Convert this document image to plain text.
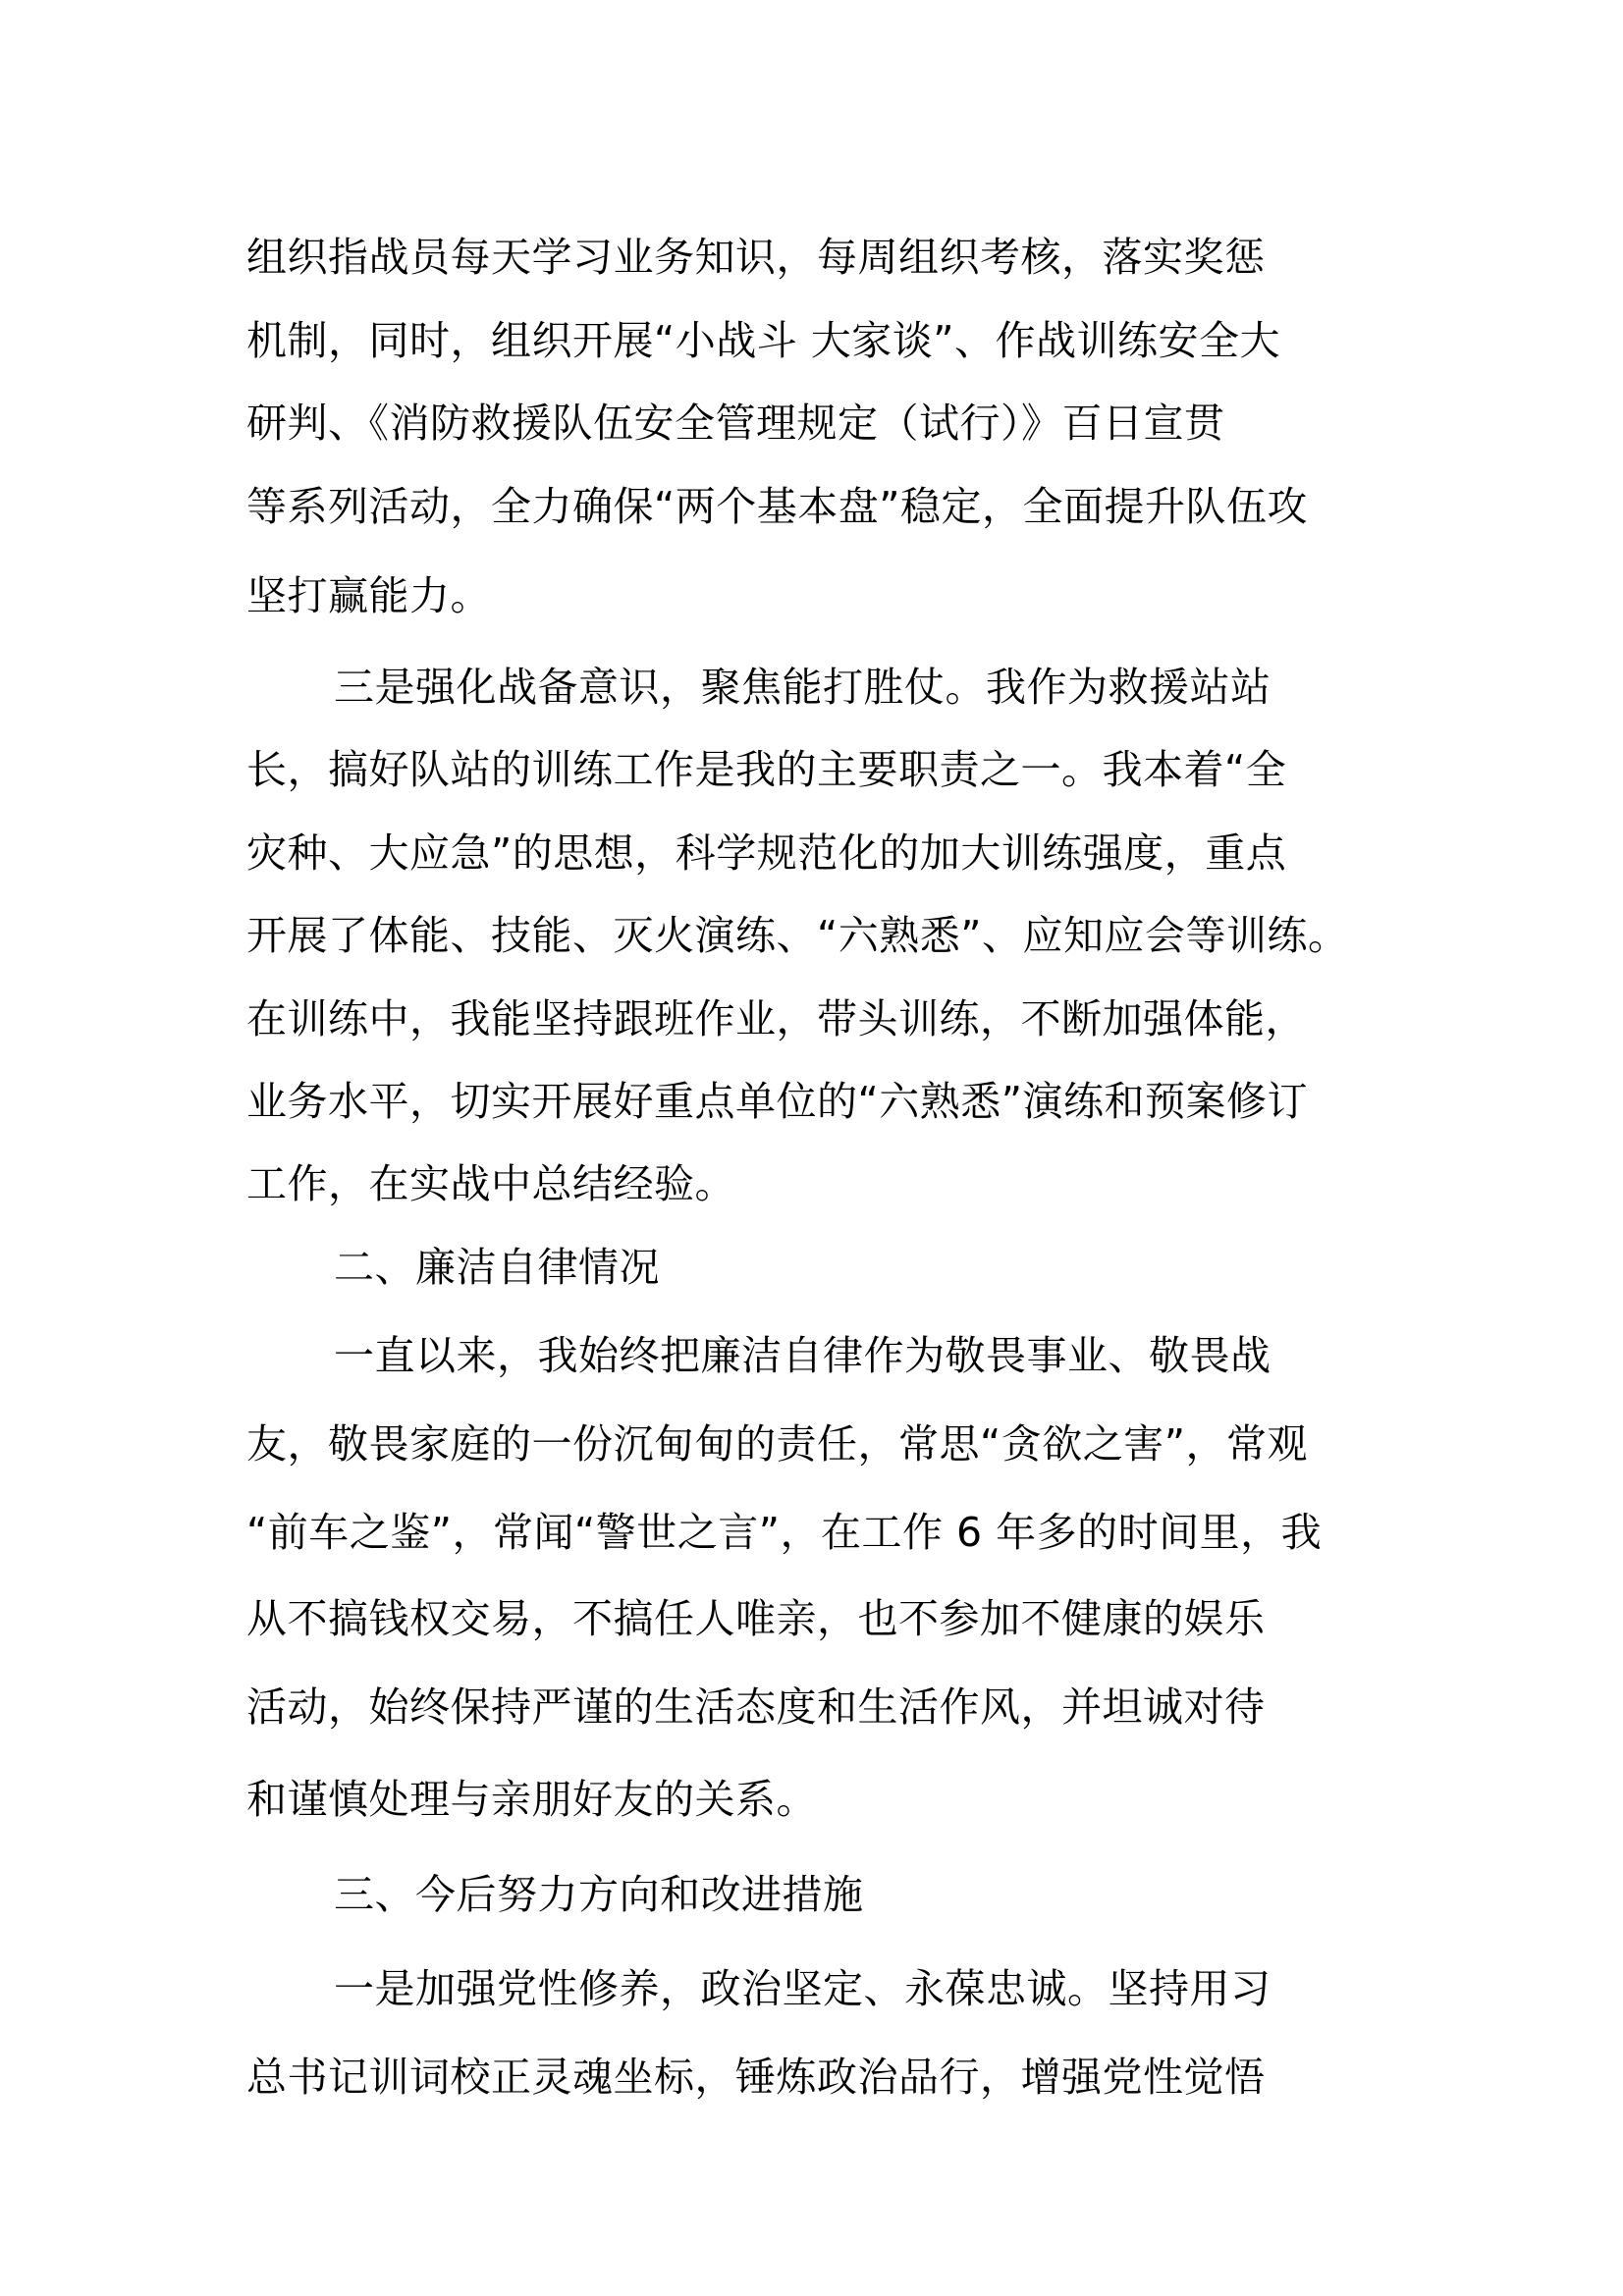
组织指战员每天学习业务知识，每周组织考核，落实奖惩

机制，同时，组织开展“小战斗 大家谈”、作战训练安全大

研判、《消防救援队伍安全管理规定（试行）》百日宣贯

等系列活动，全力确保“两个基本盘”稳定，全面提升队伍攻

坚打赢能力。

三是强化战备意识，聚焦能打胜仗。我作为救援站站

长，搞好队站的训练工作是我的主要职责之一。我本着“全

灾种、大应急”的思想，科学规范化的加大训练强度，重点

开展了体能、技能、灭火演练、“六熟悉”、应知应会等训练。

在训练中，我能坚持跟班作业，带头训练，不断加强体能，

业务水平，切实开展好重点单位的“六熟悉”演练和预案修订

工作，在实战中总结经验。

二、廉洁自律情况

一直以来，我始终把廉洁自律作为敬畏事业、敬畏战

友，敬畏家庭的一份沉甸甸的责任，常思“贪欲之害”，常观

“前车之鉴”，常闻“警世之言”，在工作 6 年多的时间里，我

从不搞钱权交易，不搞任人唯亲，也不参加不健康的娱乐

活动，始终保持严谨的生活态度和生活作风，并坦诚对待

和谨慎处理与亲朋好友的关系。

三、今后努力方向和改进措施

一是加强党性修养，政治坚定、永葆忠诚。坚持用习

总书记训词校正灵魂坐标，锤炼政治品行，增强党性觉悟
